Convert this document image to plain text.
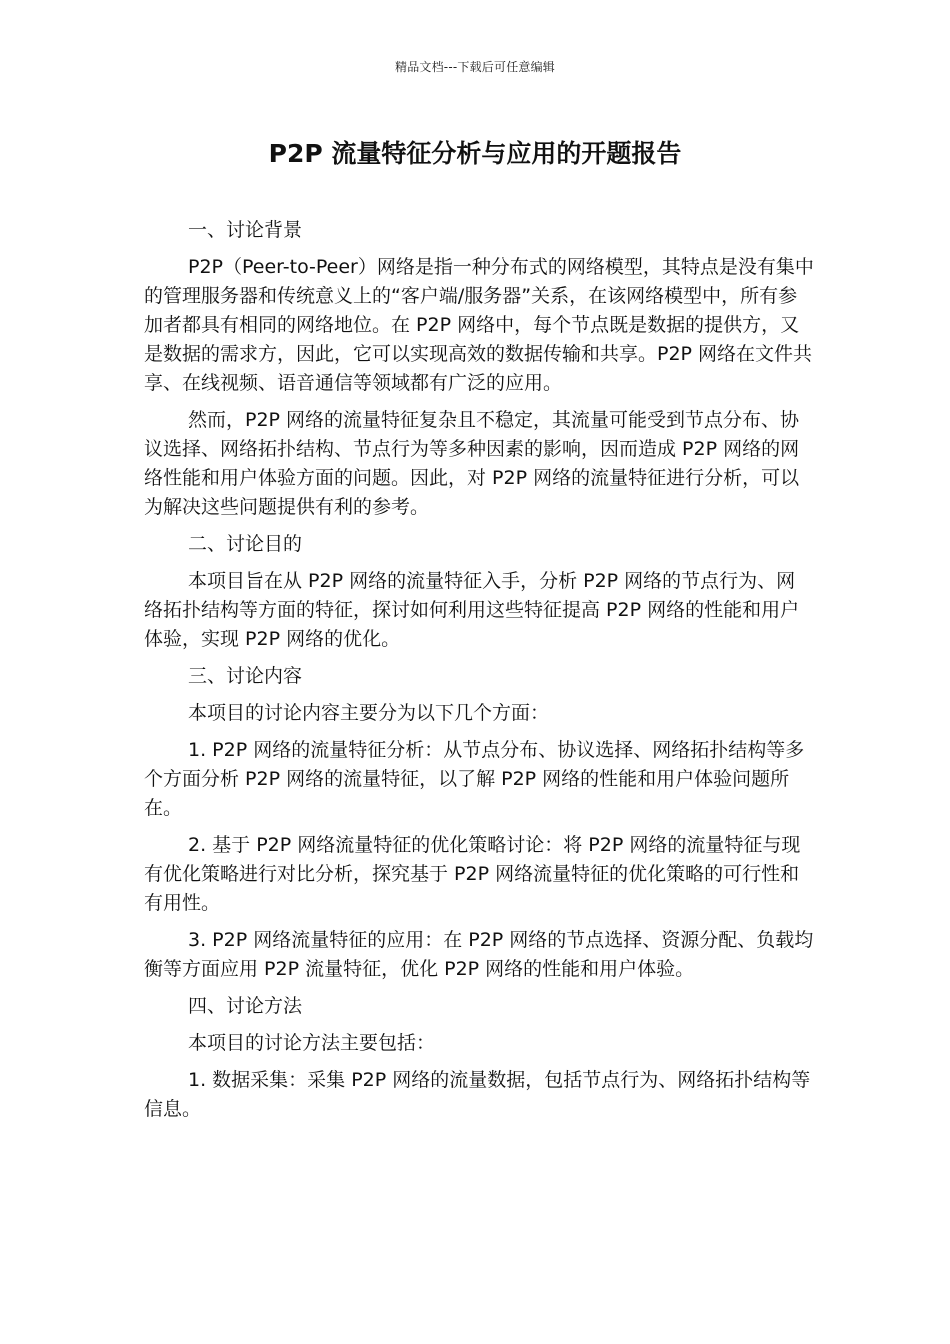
精品文档---下载后可任意编辑
P2P 流量特征分析与应用的开题报告

一、讨论背景

P2P（Peer-to-Peer）网络是指一种分布式的网络模型，其特点是没有集中的管理服务器和传统意义上的“客户端/服务器”关系，在该网络模型中，所有参加者都具有相同的网络地位。在 P2P 网络中，每个节点既是数据的提供方，又是数据的需求方，因此，它可以实现高效的数据传输和共享。P2P 网络在文件共享、在线视频、语音通信等领域都有广泛的应用。

然而，P2P 网络的流量特征复杂且不稳定，其流量可能受到节点分布、协议选择、网络拓扑结构、节点行为等多种因素的影响，因而造成 P2P 网络的网络性能和用户体验方面的问题。因此，对 P2P 网络的流量特征进行分析，可以为解决这些问题提供有利的参考。

二、讨论目的

本项目旨在从 P2P 网络的流量特征入手，分析 P2P 网络的节点行为、网络拓扑结构等方面的特征，探讨如何利用这些特征提高 P2P 网络的性能和用户体验，实现 P2P 网络的优化。

三、讨论内容

本项目的讨论内容主要分为以下几个方面：

1. P2P 网络的流量特征分析：从节点分布、协议选择、网络拓扑结构等多个方面分析 P2P 网络的流量特征，以了解 P2P 网络的性能和用户体验问题所在。

2. 基于 P2P 网络流量特征的优化策略讨论：将 P2P 网络的流量特征与现有优化策略进行对比分析，探究基于 P2P 网络流量特征的优化策略的可行性和有用性。

3. P2P 网络流量特征的应用：在 P2P 网络的节点选择、资源分配、负载均衡等方面应用 P2P 流量特征，优化 P2P 网络的性能和用户体验。

四、讨论方法

本项目的讨论方法主要包括：

1. 数据采集：采集 P2P 网络的流量数据，包括节点行为、网络拓扑结构等信息。
